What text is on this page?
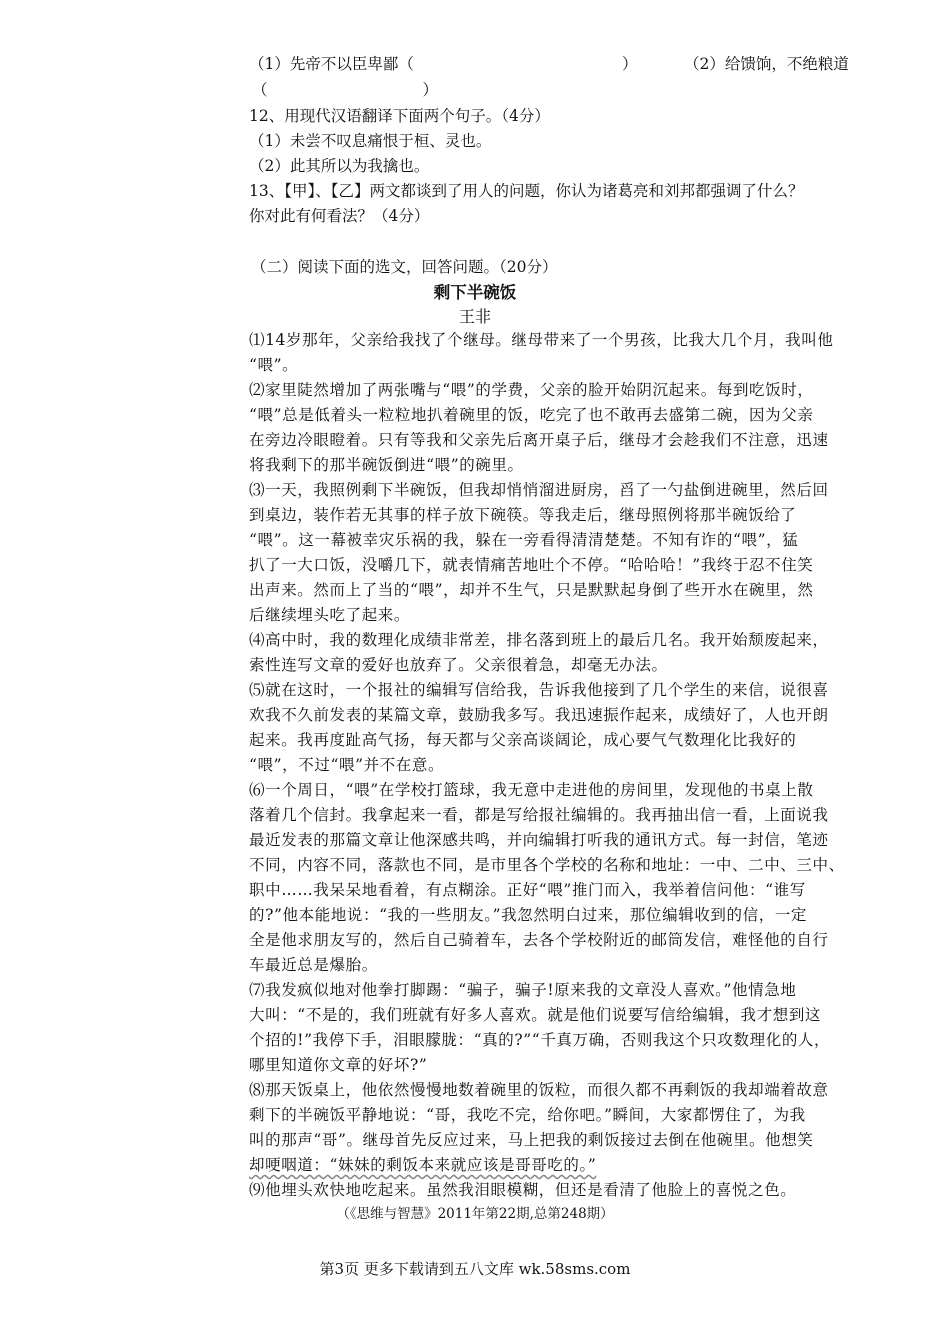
（1）先帝不以臣卑鄙（	）	（2）给馈饷，不绝粮道
（　　　　　　　　　　）
12、用现代汉语翻译下面两个句子。（4分）
（1）未尝不叹息痛恨于桓、灵也。
（2）此其所以为我擒也。
13、【甲】、【乙】两文都谈到了用人的问题，你认为诸葛亮和刘邦都强调了什么？
你对此有何看法？（4分）
（二）阅读下面的选文，回答问题。（20分）
剩下半碗饭
王非
⑴14岁那年，父亲给我找了个继母。继母带来了一个男孩，比我大几个月，我叫他
“喂”。
⑵家里陡然增加了两张嘴与“喂”的学费，父亲的脸开始阴沉起来。每到吃饭时，
“喂”总是低着头一粒粒地扒着碗里的饭，吃完了也不敢再去盛第二碗，因为父亲
在旁边冷眼瞪着。只有等我和父亲先后离开桌子后，继母才会趁我们不注意，迅速
将我剩下的那半碗饭倒进“喂”的碗里。
⑶一天，我照例剩下半碗饭，但我却悄悄溜进厨房，舀了一勺盐倒进碗里，然后回
到桌边，装作若无其事的样子放下碗筷。等我走后，继母照例将那半碗饭给了
“喂”。这一幕被幸灾乐祸的我，躲在一旁看得清清楚楚。不知有诈的“喂”，猛
扒了一大口饭，没嚼几下，就表情痛苦地吐个不停。“哈哈哈！”我终于忍不住笑
出声来。然而上了当的“喂”，却并不生气，只是默默起身倒了些开水在碗里，然
后继续埋头吃了起来。
⑷高中时，我的数理化成绩非常差，排名落到班上的最后几名。我开始颓废起来，
索性连写文章的爱好也放弃了。父亲很着急，却毫无办法。
⑸就在这时，一个报社的编辑写信给我，告诉我他接到了几个学生的来信，说很喜
欢我不久前发表的某篇文章，鼓励我多写。我迅速振作起来，成绩好了，人也开朗
起来。我再度趾高气扬，每天都与父亲高谈阔论，成心要气气数理化比我好的
“喂”，不过“喂”并不在意。
⑹一个周日，“喂”在学校打篮球，我无意中走进他的房间里，发现他的书桌上散
落着几个信封。我拿起来一看，都是写给报社编辑的。我再抽出信一看，上面说我
最近发表的那篇文章让他深感共鸣，并向编辑打听我的通讯方式。每一封信，笔迹
不同，内容不同，落款也不同，是市里各个学校的名称和地址：一中、二中、三中、
职中……我呆呆地看着，有点糊涂。正好“喂”推门而入，我举着信问他：“谁写
的?”他本能地说：“我的一些朋友。”我忽然明白过来，那位编辑收到的信，一定
全是他求朋友写的，然后自己骑着车，去各个学校附近的邮筒发信，难怪他的自行
车最近总是爆胎。
⑺我发疯似地对他拳打脚踢：“骗子，骗子!原来我的文章没人喜欢。”他情急地
大叫：“不是的，我们班就有好多人喜欢。就是他们说要写信给编辑，我才想到这
个招的!”我停下手，泪眼朦胧：“真的?”“千真万确，否则我这个只攻数理化的人，
哪里知道你文章的好坏?”
⑻那天饭桌上，他依然慢慢地数着碗里的饭粒，而很久都不再剩饭的我却端着故意
剩下的半碗饭平静地说：“哥，我吃不完，给你吧。”瞬间，大家都愣住了，为我
叫的那声“哥”。继母首先反应过来，马上把我的剩饭接过去倒在他碗里。他想笑
却哽咽道：“妹妹的剩饭本来就应该是哥哥吃的。”
⑼他埋头欢快地吃起来。虽然我泪眼模糊，但还是看清了他脸上的喜悦之色。
（《思维与智慧》2011年第22期,总第248期）
第3页 更多下载请到五八文库 wk.58sms.com
